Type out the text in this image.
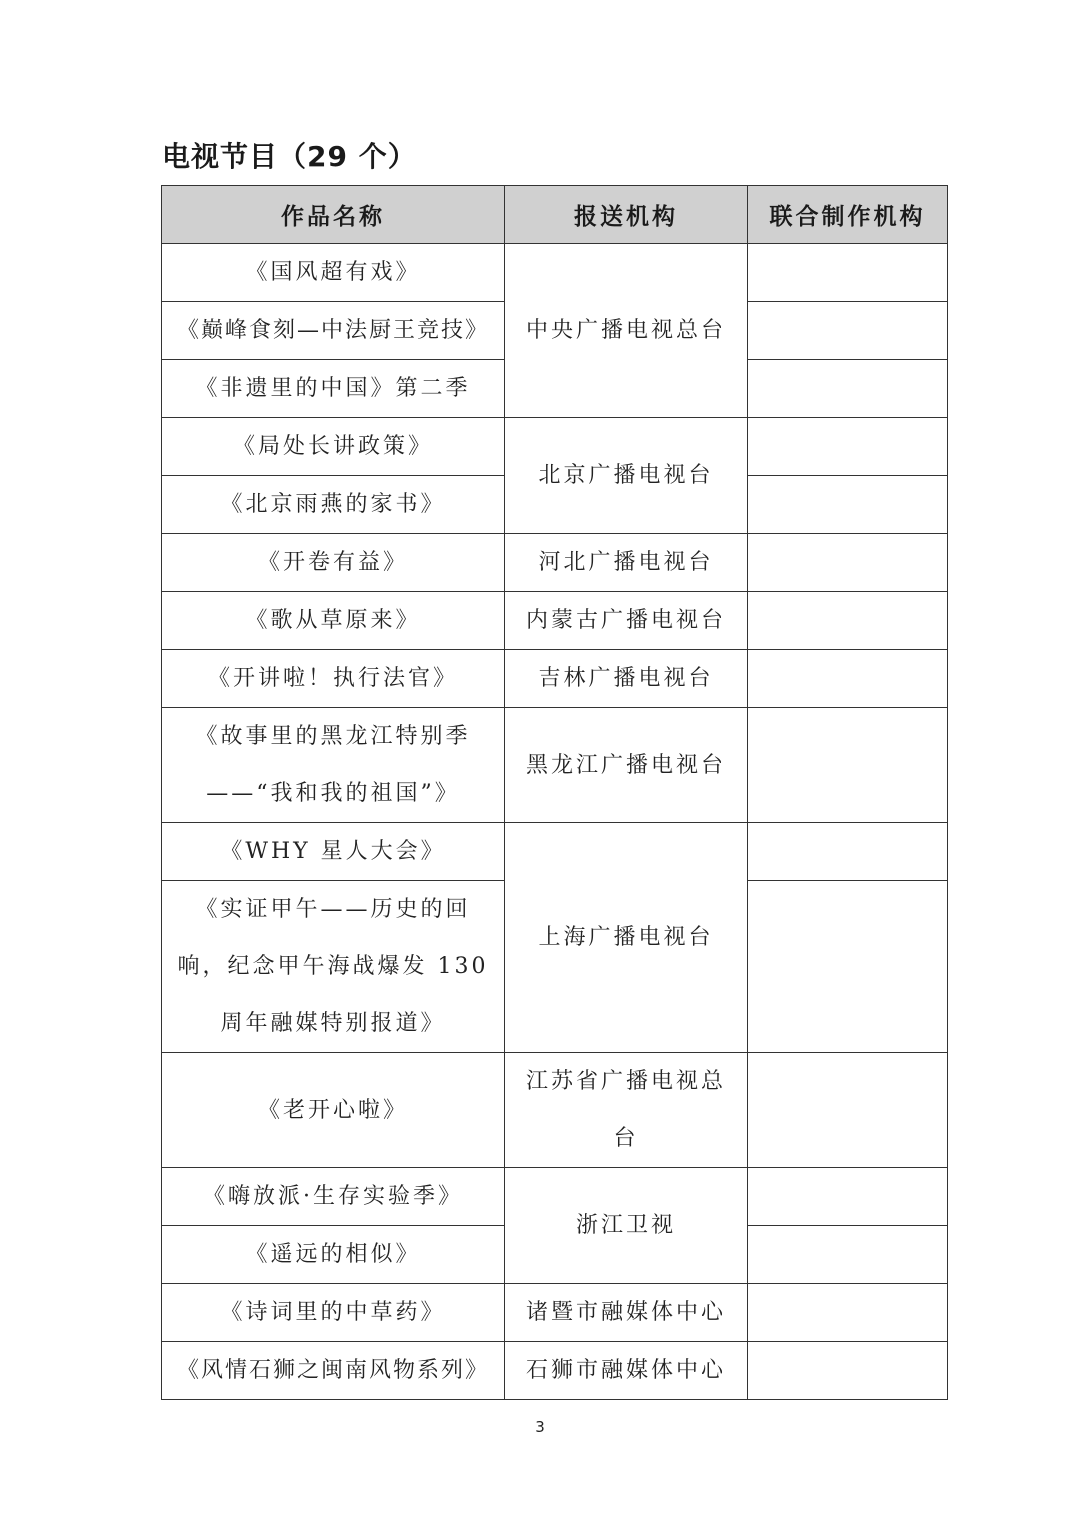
电视节目（29 个）
作品名称	报送机构	联合制作机构
《国风超有戏》	中央广播电视总台	
《巅峰食刻—中法厨王竞技》		
《非遗里的中国》第二季		
《局处长讲政策》	北京广播电视台	
《北京雨燕的家书》		
《开卷有益》	河北广播电视台	
《歌从草原来》	内蒙古广播电视台	
《开讲啦！执行法官》	吉林广播电视台	
《故事里的黑龙江特别季——“我和我的祖国”》	黑龙江广播电视台	
《WHY 星人大会》	上海广播电视台	
《实证甲午——历史的回响，纪念甲午海战爆发 130 周年融媒特别报道》		
《老开心啦》	江苏省广播电视总台	
《嗨放派·生存实验季》	浙江卫视	
《遥远的相似》		
《诗词里的中草药》	诸暨市融媒体中心	
《风情石狮之闽南风物系列》	石狮市融媒体中心	
3
